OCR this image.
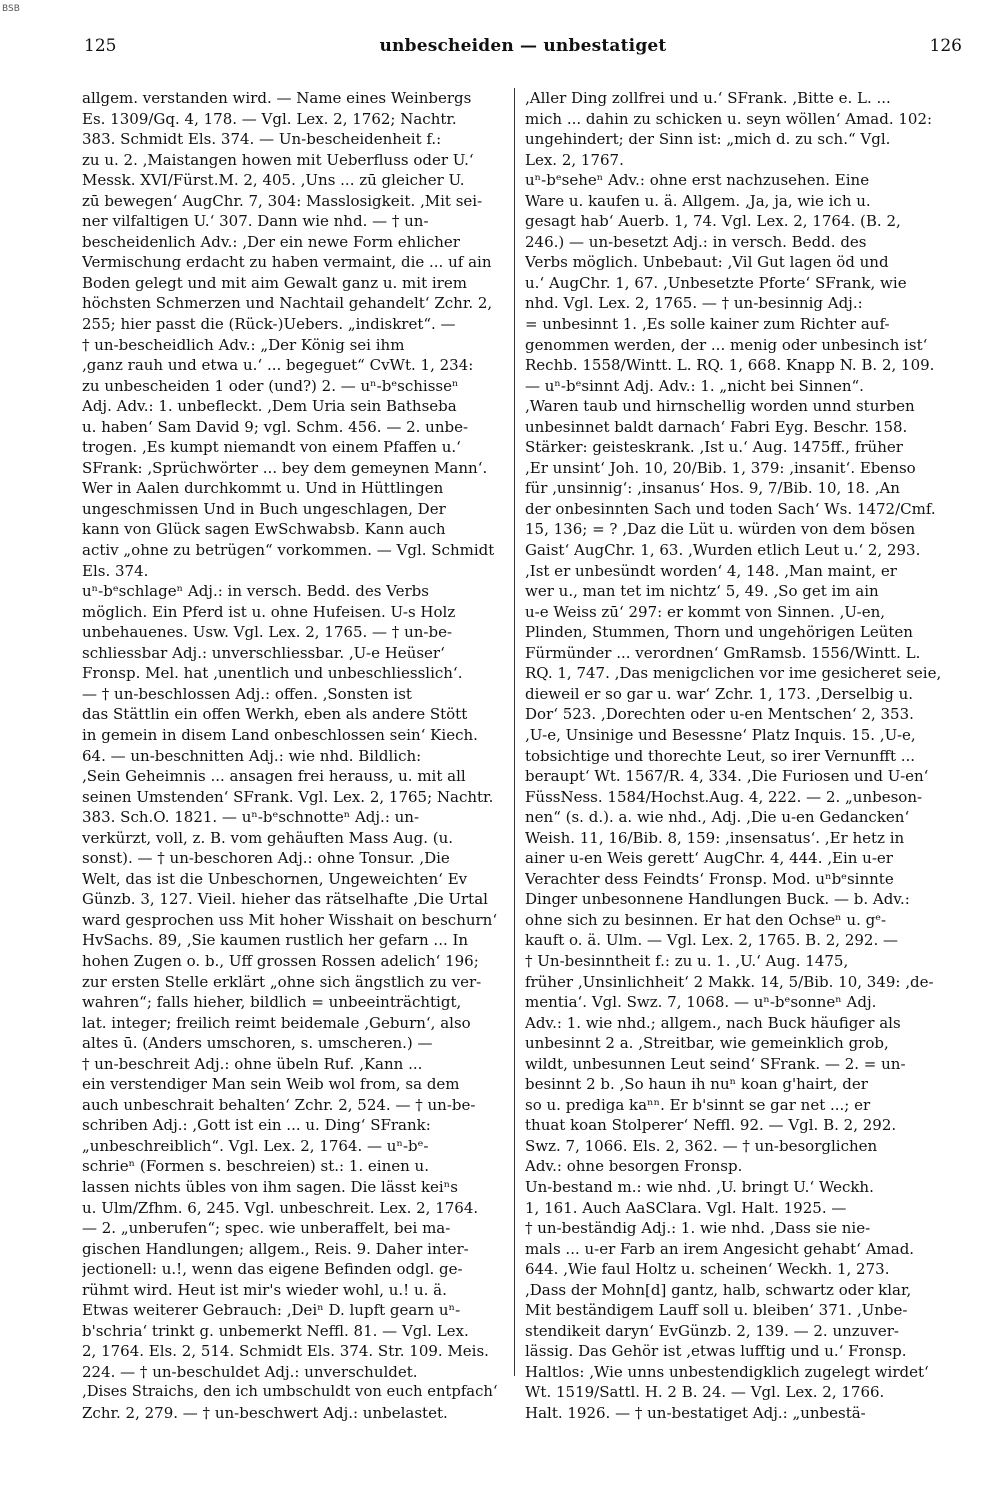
BSB
125	unbescheiden — unbestatiget	126
allgem. verstanden wird. — Name eines Weinbergs
Es. 1309/Gq. 4, 178. — Vgl. Lex. 2, 1762; Nachtr.
383. Schmidt Els. 374. — Un-bescheidenheit f.:
zu u. 2. ‚Maistangen howen mit Ueberfluss oder U.‘
Messk. XVI/Fürst.M. 2, 405. ‚Uns ... zū gleicher U.
zū bewegen‘ AugChr. 7, 304: Masslosigkeit. ‚Mit sei-
ner vilfaltigen U.‘ 307. Dann wie nhd. — † un-
bescheidenlich Adv.: ‚Der ein newe Form ehlicher
Vermischung erdacht zu haben vermaint, die ... uf ain
Boden gelegt und mit aim Gewalt ganz u. mit irem
höchsten Schmerzen und Nachtail gehandelt‘ Zchr. 2,
255; hier passt die (Rück-)Uebers. „indiskret“. —
† un-bescheidlich Adv.: „Der König sei ihm
‚ganz rauh und etwa u.‘ ... begeguet“ CvWt. 1, 234:
zu unbescheiden 1 oder (und?) 2. — uⁿ-bᵉschisseⁿ
Adj. Adv.: 1. unbefleckt. ‚Dem Uria sein Bathseba
u. haben‘ Sam David 9; vgl. Schm. 456. — 2. unbe-
trogen. ‚Es kumpt niemandt von einem Pfaffen u.‘
SFrank: ‚Sprüchwörter ... bey dem gemeynen Mann‘.
Wer in Aalen durchkommt u. Und in Hüttlingen
ungeschmissen Und in Buch ungeschlagen, Der
kann von Glück sagen EwSchwabsb. Kann auch
activ „ohne zu betrügen“ vorkommen. — Vgl. Schmidt
Els. 374.
uⁿ-bᵉschlageⁿ Adj.: in versch. Bedd. des Verbs
möglich. Ein Pferd ist u. ohne Hufeisen. U-s Holz
unbehauenes. Usw. Vgl. Lex. 2, 1765. — † un-be-
schliessbar Adj.: unverschliessbar. ‚U-e Heüser‘
Fronsp. Mel. hat ‚unentlich und unbeschliesslich‘.
— † un-beschlossen Adj.: offen. ‚Sonsten ist
das Stättlin ein offen Werkh, eben als andere Stött
in gemein in disem Land onbeschlossen sein‘ Kiech.
64. — un-beschnitten Adj.: wie nhd. Bildlich:
‚Sein Geheimnis ... ansagen frei herauss, u. mit all
seinen Umstenden‘ SFrank. Vgl. Lex. 2, 1765; Nachtr.
383. Sch.O. 1821. — uⁿ-bᵉschnotteⁿ Adj.: un-
verkürzt, voll, z. B. vom gehäuften Mass Aug. (u.
sonst). — † un-beschoren Adj.: ohne Tonsur. ‚Die
Welt, das ist die Unbeschornen, Ungeweichten‘ Ev
Günzb. 3, 127. Vieil. hieher das rätselhafte ‚Die Urtal
ward gesprochen uss Mit hoher Wisshait on beschurn‘
HvSachs. 89, ‚Sie kaumen rustlich her gefarn ... In
hohen Zugen o. b., Uff grossen Rossen adelich‘ 196;
zur ersten Stelle erklärt „ohne sich ängstlich zu ver-
wahren“; falls hieher, bildlich = unbeeinträchtigt,
lat. integer; freilich reimt beidemale ‚Geburn‘, also
altes ū. (Anders umschoren, s. umscheren.) —
† un-beschreit Adj.: ohne übeln Ruf. ‚Kann ...
ein verstendiger Man sein Weib wol from, sa dem
auch unbeschrait behalten‘ Zchr. 2, 524. — † un-be-
schriben Adj.: ‚Gott ist ein ... u. Ding‘ SFrank:
„unbeschreiblich“. Vgl. Lex. 2, 1764. — uⁿ-bᵉ-
schrieⁿ (Formen s. beschreien) st.: 1. einen u.
lassen nichts übles von ihm sagen. Die lässt keiⁿs
u. Ulm/Zfhm. 6, 245. Vgl. unbeschreit. Lex. 2, 1764.
— 2. „unberufen“; spec. wie unberaffelt, bei ma-
gischen Handlungen; allgem., Reis. 9. Daher inter-
jectionell: u.!, wenn das eigene Befinden odgl. ge-
rühmt wird. Heut ist mir's wieder wohl, u.! u. ä.
Etwas weiterer Gebrauch: ‚Deiⁿ D. lupft gearn uⁿ-
b'schria‘ trinkt g. unbemerkt Neffl. 81. — Vgl. Lex.
2, 1764. Els. 2, 514. Schmidt Els. 374. Str. 109. Meis.
224. — † un-beschuldet Adj.: unverschuldet.
‚Dises Straichs, den ich umbschuldt von euch entpfach‘
Zchr. 2, 279. — † un-beschwert Adj.: unbelastet.
‚Aller Ding zollfrei und u.‘ SFrank. ‚Bitte e. L. ...
mich ... dahin zu schicken u. seyn wöllen‘ Amad. 102:
ungehindert; der Sinn ist: „mich d. zu sch.“ Vgl.
Lex. 2, 1767.
uⁿ-bᵉseheⁿ Adv.: ohne erst nachzusehen. Eine
Ware u. kaufen u. ä. Allgem. ‚Ja, ja, wie ich u.
gesagt hab‘ Auerb. 1, 74. Vgl. Lex. 2, 1764. (B. 2,
246.) — un-besetzt Adj.: in versch. Bedd. des
Verbs möglich. Unbebaut: ‚Vil Gut lagen öd und
u.‘ AugChr. 1, 67. ‚Unbesetzte Pforte‘ SFrank, wie
nhd. Vgl. Lex. 2, 1765. — † un-besinnig Adj.:
= unbesinnt 1. ‚Es solle kainer zum Richter auf-
genommen werden, der ... menig oder unbesinch ist‘
Rechb. 1558/Wintt. L. RQ. 1, 668. Knapp N. B. 2, 109.
— uⁿ-bᵉsinnt Adj. Adv.: 1. „nicht bei Sinnen“.
‚Waren taub und hirnschellig worden unnd sturben
unbesinnet baldt darnach‘ Fabri Eyg. Beschr. 158.
Stärker: geisteskrank. ‚Ist u.‘ Aug. 1475ff., früher
‚Er unsint‘ Joh. 10, 20/Bib. 1, 379: ‚insanit‘. Ebenso
für ‚unsinnig‘: ‚insanus‘ Hos. 9, 7/Bib. 10, 18. ‚An
der onbesinnten Sach und toden Sach‘ Ws. 1472/Cmf.
15, 136; = ? ‚Daz die Lüt u. würden von dem bösen
Gaist‘ AugChr. 1, 63. ‚Wurden etlich Leut u.‘ 2, 293.
‚Ist er unbesündt worden‘ 4, 148. ‚Man maint, er
wer u., man tet im nichtz‘ 5, 49. ‚So get im ain
u-e Weiss zū‘ 297: er kommt von Sinnen. ‚U-en,
Plinden, Stummen, Thorn und ungehörigen Leüten
Fürmünder ... verordnen‘ GmRamsb. 1556/Wintt. L.
RQ. 1, 747. ‚Das menigclichen vor ime gesicheret seie,
dieweil er so gar u. war‘ Zchr. 1, 173. ‚Derselbig u.
Dor‘ 523. ‚Dorechten oder u-en Mentschen‘ 2, 353.
‚U-e, Unsinige und Besessne‘ Platz Inquis. 15. ‚U-e,
tobsichtige und thorechte Leut, so irer Vernunfft ...
beraupt‘ Wt. 1567/R. 4, 334. ‚Die Furiosen und U-en‘
FüssNess. 1584/Hochst.Aug. 4, 222. — 2. „unbeson-
nen“ (s. d.). a. wie nhd., Adj. ‚Die u-en Gedancken‘
Weish. 11, 16/Bib. 8, 159: ‚insensatus‘. ‚Er hetz in
ainer u-en Weis gerett‘ AugChr. 4, 444. ‚Ein u-er
Verachter dess Feindts‘ Fronsp. Mod. uⁿbᵉsinnte
Dinger unbesonnene Handlungen Buck. — b. Adv.:
ohne sich zu besinnen. Er hat den Ochseⁿ u. gᵉ-
kauft o. ä. Ulm. — Vgl. Lex. 2, 1765. B. 2, 292. —
† Un-besinntheit f.: zu u. 1. ‚U.‘ Aug. 1475,
früher ‚Unsinlichheit‘ 2 Makk. 14, 5/Bib. 10, 349: ‚de-
mentia‘. Vgl. Swz. 7, 1068. — uⁿ-bᵉsonneⁿ Adj.
Adv.: 1. wie nhd.; allgem., nach Buck häufiger als
unbesinnt 2 a. ‚Streitbar, wie gemeinklich grob,
wildt, unbesunnen Leut seind‘ SFrank. — 2. = un-
besinnt 2 b. ‚So haun ih nuⁿ koan g'hairt, der
so u. prediga kaⁿⁿ. Er b'sinnt se gar net ...; er
thuat koan Stolperer‘ Neffl. 92. — Vgl. B. 2, 292.
Swz. 7, 1066. Els. 2, 362. — † un-besorglichen
Adv.: ohne besorgen Fronsp.
Un-bestand m.: wie nhd. ‚U. bringt U.‘ Weckh.
1, 161. Auch AaSClara. Vgl. Halt. 1925. —
† un-beständig Adj.: 1. wie nhd. ‚Dass sie nie-
mals ... u-er Farb an irem Angesicht gehabt‘ Amad.
644. ‚Wie faul Holtz u. scheinen‘ Weckh. 1, 273.
‚Dass der Mohn[d] gantz, halb, schwartz oder klar,
Mit beständigem Lauff soll u. bleiben‘ 371. ‚Unbe-
stendikeit daryn‘ EvGünzb. 2, 139. — 2. unzuver-
lässig. Das Gehör ist ‚etwas lufftig und u.‘ Fronsp.
Haltlos: ‚Wie unns unbestendigklich zugelegt wirdet‘
Wt. 1519/Sattl. H. 2 B. 24. — Vgl. Lex. 2, 1766.
Halt. 1926. — † un-bestatiget Adj.: „unbestä-
